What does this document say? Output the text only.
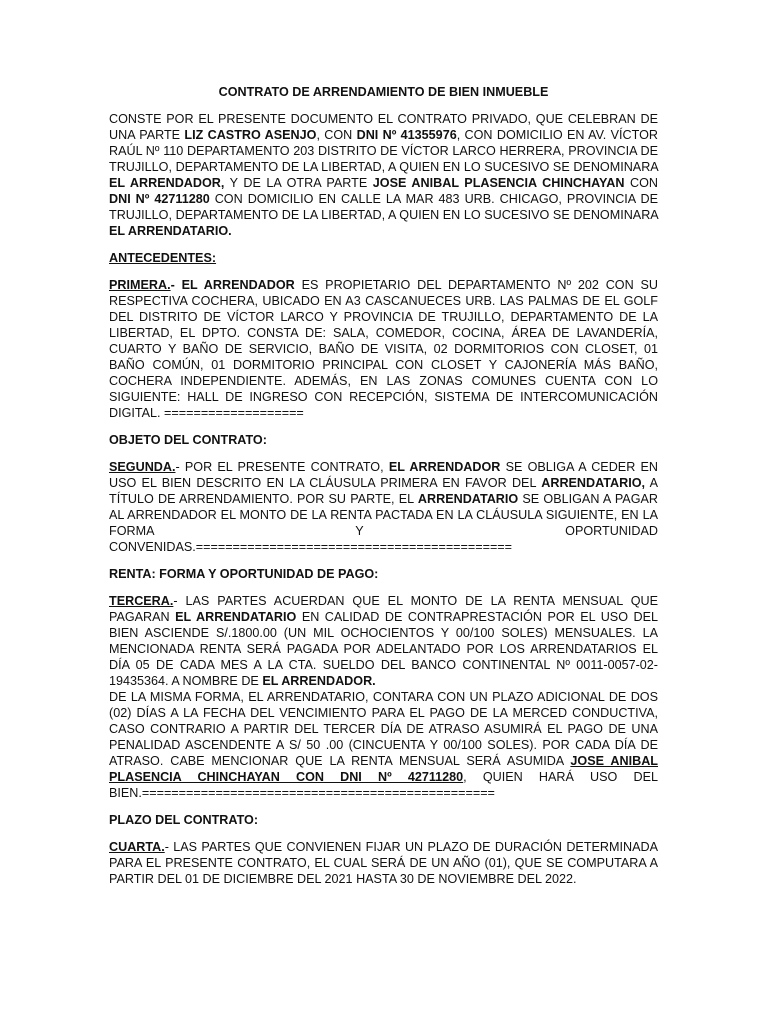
CONTRATO DE ARRENDAMIENTO DE BIEN INMUEBLE

CONSTE POR EL PRESENTE DOCUMENTO EL CONTRATO PRIVADO, QUE CELEBRAN DE UNA PARTE LIZ CASTRO ASENJO, CON DNI Nº 41355976, CON DOMICILIO EN AV. VÍCTOR RAÚL Nº 110 DEPARTAMENTO 203 DISTRITO DE VÍCTOR LARCO HERRERA, PROVINCIA DE TRUJILLO, DEPARTAMENTO DE LA LIBERTAD, A QUIEN EN LO SUCESIVO SE DENOMINARA EL ARRENDADOR, Y DE LA OTRA PARTE JOSE ANIBAL PLASENCIA CHINCHAYAN CON DNI Nº 42711280 CON DOMICILIO EN CALLE LA MAR 483 URB. CHICAGO, PROVINCIA DE TRUJILLO, DEPARTAMENTO DE LA LIBERTAD, A QUIEN EN LO SUCESIVO SE DENOMINARA EL ARRENDATARIO.

ANTECEDENTES:

PRIMERA.- EL ARRENDADOR ES PROPIETARIO DEL DEPARTAMENTO Nº 202 CON SU RESPECTIVA COCHERA, UBICADO EN A3 CASCANUECES URB. LAS PALMAS DE EL GOLF DEL DISTRITO DE VÍCTOR LARCO Y PROVINCIA DE TRUJILLO, DEPARTAMENTO DE LA LIBERTAD, EL DPTO. CONSTA DE: SALA, COMEDOR, COCINA, ÁREA DE LAVANDERÍA, CUARTO Y BAÑO DE SERVICIO, BAÑO DE VISITA, 02 DORMITORIOS CON CLOSET, 01 BAÑO COMÚN, 01 DORMITORIO PRINCIPAL CON CLOSET Y CAJONERÍA MÁS BAÑO, COCHERA INDEPENDIENTE. ADEMÁS, EN LAS ZONAS COMUNES CUENTA CON LO SIGUIENTE: HALL DE INGRESO CON RECEPCIÓN, SISTEMA DE INTERCOMUNICACIÓN DIGITAL. ===================

OBJETO DEL CONTRATO:

SEGUNDA.- POR EL PRESENTE CONTRATO, EL ARRENDADOR SE OBLIGA A CEDER EN USO EL BIEN DESCRITO EN LA CLÁUSULA PRIMERA EN FAVOR DEL ARRENDATARIO, A TÍTULO DE ARRENDAMIENTO. POR SU PARTE, EL ARRENDATARIO SE OBLIGAN A PAGAR AL ARRENDADOR EL MONTO DE LA RENTA PACTADA EN LA CLÁUSULA SIGUIENTE, EN LA FORMA Y OPORTUNIDAD CONVENIDAS.===========================================

RENTA: FORMA Y OPORTUNIDAD DE PAGO:

TERCERA.- LAS PARTES ACUERDAN QUE EL MONTO DE LA RENTA MENSUAL QUE PAGARAN EL ARRENDATARIO EN CALIDAD DE CONTRAPRESTACIÓN POR EL USO DEL BIEN ASCIENDE S/.1800.00 (UN MIL OCHOCIENTOS Y 00/100 SOLES) MENSUALES. LA MENCIONADA RENTA SERÁ PAGADA POR ADELANTADO POR LOS ARRENDATARIOS EL DÍA 05 DE CADA MES A LA CTA. SUELDO DEL BANCO CONTINENTAL Nº 0011-0057-02-19435364. A NOMBRE DE EL ARRENDADOR.

DE LA MISMA FORMA, EL ARRENDATARIO, CONTARA CON UN PLAZO ADICIONAL DE DOS (02) DÍAS A LA FECHA DEL VENCIMIENTO PARA EL PAGO DE LA MERCED CONDUCTIVA, CASO CONTRARIO A PARTIR DEL TERCER DÍA DE ATRASO ASUMIRÁ EL PAGO DE UNA PENALIDAD ASCENDENTE A S/ 50 .00 (CINCUENTA Y 00/100 SOLES). POR CADA DÍA DE ATRASO. CABE MENCIONAR QUE LA RENTA MENSUAL SERÁ ASUMIDA JOSE ANIBAL PLASENCIA CHINCHAYAN CON DNI Nº 42711280, QUIEN HARÁ USO DEL BIEN.================================================

PLAZO DEL CONTRATO:

CUARTA.- LAS PARTES QUE CONVIENEN FIJAR UN PLAZO DE DURACIÓN DETERMINADA PARA EL PRESENTE CONTRATO, EL CUAL SERÁ DE UN AÑO (01), QUE SE COMPUTARA A PARTIR DEL 01 DE DICIEMBRE DEL 2021 HASTA 30 DE NOVIEMBRE DEL 2022.
